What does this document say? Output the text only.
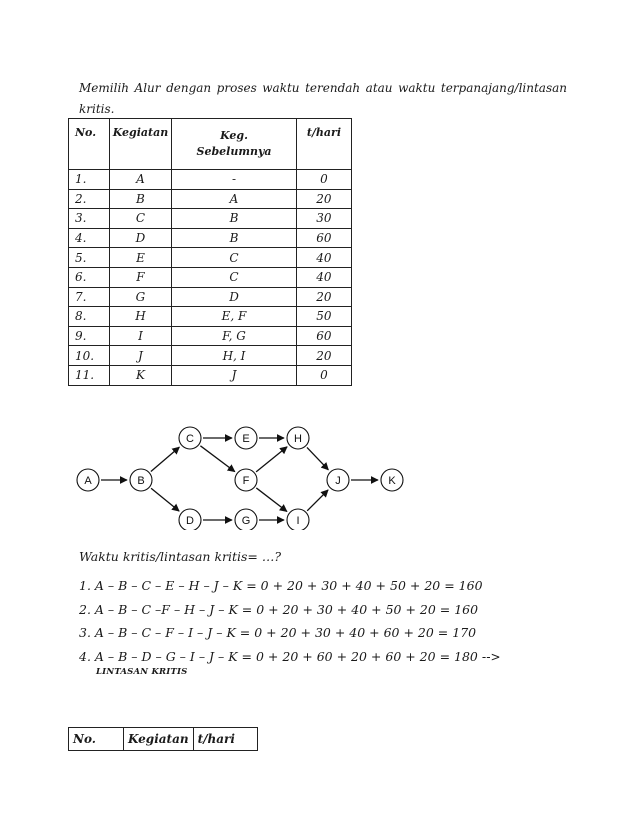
Memilih Alur dengan proses waktu terendah atau waktu terpanajang/lintasan kritis.

No.	Kegiatan	Keg. Sebelumnya	t/hari
1.	A	-	0
2.	B	A	20
3.	C	B	30
4.	D	B	60
5.	E	C	40
6.	F	C	40
7.	G	D	20
8.	H	E, F	50
9.	I	F, G	60
10.	J	H, I	20
11.	K	J	0
A	B
C
D
E
F
G
H
I
J	K

Waktu kritis/lintasan kritis= …?

1. A – B – C – E – H – J – K = 0 + 20 + 30 + 40 + 50 + 20 = 160
2. A – B – C –F – H – J – K = 0 + 20 + 30 + 40 + 50 + 20 = 160
3. A – B – C – F – I – J – K = 0 + 20 + 30 + 40 + 60 + 20 = 170
4. A – B – D – G – I – J – K = 0 + 20 + 60 + 20 + 60 + 20 = 180 -->
LINTASAN KRITIS
No.	Kegiatan	t/hari
